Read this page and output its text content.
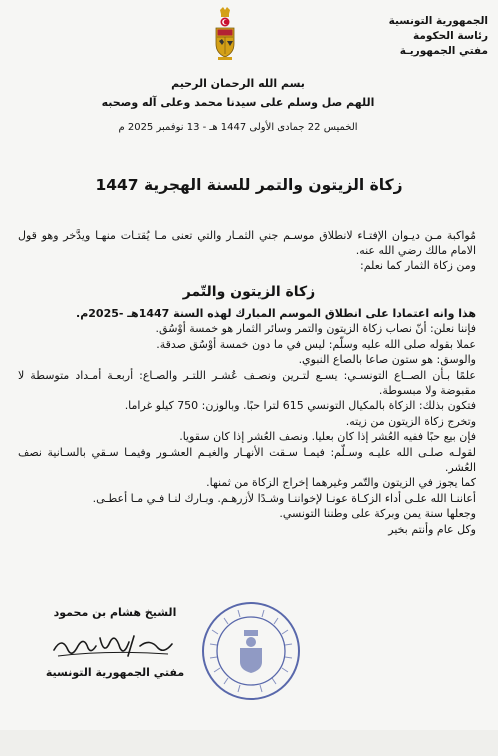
الجمهورية التونسية
رئاسة الحكومة
مفتي الجمهوريـة
بسم الله الرحمان الرحيم
اللهم صل وسلم على سيدنا محمد وعلى آله وصحبه
الخميس 22 جمادى الأولى 1447 هـ - 13 نوفمبر 2025 م
زكاة الزيتون والتمر للسنة الهجرية 1447

مُواكبة مـن ديـوان الإفتـاء لانطلاق موسـم جني الثمـار والتي تعنى مـا يُقتـات منهـا ويدَّخر وهو قول الامام مالك رضي الله عنه.

ومن زكاة الثمار كما نعلم:

زكاة الزيتون والتّمر

هذا وانه اعتمادا على انطلاق الموسم المبارك لهذه السنة 1447هـ -2025م.

فإننا نعلن: أنّ نصاب زكاة الزيتون والتمر وسائر الثمار هو خمسة أوْسُق.

عملا بقوله صلى الله عليه وسلّم: ليس في ما دون خمسة أوْسُق صدقة.

والوسق: هو ستون صاعا بالصاع النبوي.

علمًا بـأن الصــاع التونسـي: يسـع لتـرين ونصـف عُشـر اللتـر والصـاع: أربعـة أمـداد متوسطة لا مقبوضة ولا مبسوطة.

فتكون بذلك: الزكاة بالمكيال التونسي 615 لترا حبًا. وبالوزن: 750 كيلو غراما.

وتخرج زكاة الزيتون من زيته.

فإن بيع حبًا ففيه العُشر إذا كان بعليا. ونصف العُشر إذا كان سقويا.

لقولـه صلـى الله عليـه وسـلّم: فيمـا سـقت الأنهـار والغيـم العشـور وفيمـا سـقي بالسـانية نصف العُشر.

كما يجوز في الزيتون والتّمر وغيرهما إخراج الزكاة من ثمنها.

أعاننـا الله علـى أداء الزكـاة عونـا لإخواننـا وشـدًا لأزرهـم. وبـارك لنـا فـي مـا أعطـى.

وجعلها سنة يمن وبركة على وطننا التونسي.

وكل عام وأنتم بخير

الشيخ هشام بن محمود
مفتي الجمهورية التونسية
